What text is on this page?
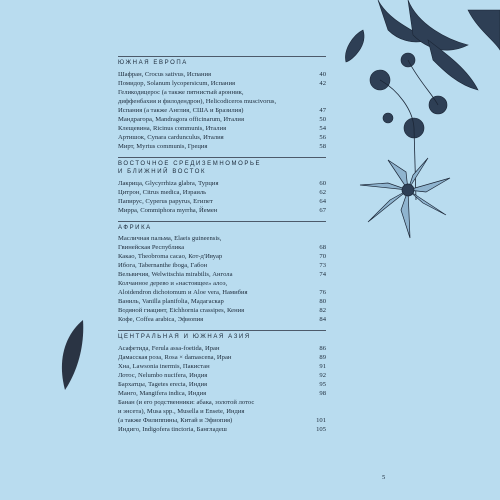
ЮЖНАЯ ЕВРОПА
Шафран, Crocus sativus, Испания	40
Помидор, Solanum lycopersicum, Испания	42
Геликодицерос (а также пятнистый аронник,
диффенбахия и филодендрон), Helicodiceros muscivorus,
Испания (а также Англия, США и Бразилия)	47
Мандрагора, Mandragora officinarum, Италия	50
Клещевина, Ricinus communis, Италия	54
Артишок, Cynara cardunculus, Италия	56
Мирт, Myrtus communis, Греция	58
ВОСТОЧНОЕ СРЕДИЗЕМНОМОРЬЕ
И БЛИЖНИЙ ВОСТОК
Лакрица, Glycyrrhiza glabra, Турция	60
Цитрон, Citrus medica, Израиль	62
Папирус, Cyperus papyrus, Египет	64
Мирра, Commiphora myrrha, Йемен	67
АФРИКА
Масличная пальма, Elaeis guineensis,
Гвинейская Республика	68
Какао, Theobroma cacao, Кот-д'Ивуар	70
Ибога, Tabernanthe iboga, Габон	73
Вельвичия, Welwitschia mirabilis, Ангола	74
Колчанное дерево и «настоящее» алоэ,
Aloidendron dichotomum и Aloe vera, Намибия	76
Ваниль, Vanilla planifolia, Мадагаскар	80
Водяной гиацинт, Eichhornia crassipes, Кения	82
Кофе, Coffea arabica, Эфиопия	84
ЦЕНТРАЛЬНАЯ И ЮЖНАЯ АЗИЯ
Асафетида, Ferula assa-foetida, Иран	86
Дамасская роза, Rosa × damascena, Иран	89
Хна, Lawsonia inermis, Пакистан	91
Лотос, Nelumbo nucifera, Индия	92
Бархатцы, Tagetes erecta, Индия	95
Манго, Mangifera indica, Индия	98
Банан (и его родственники: абака, золотой лотос
и энсета), Musa spp., Musella и Ensete, Индия
(а также Филиппины, Китай и Эфиопия)	101
Индиго, Indigofera tinctoria, Бангладеш	105
5
